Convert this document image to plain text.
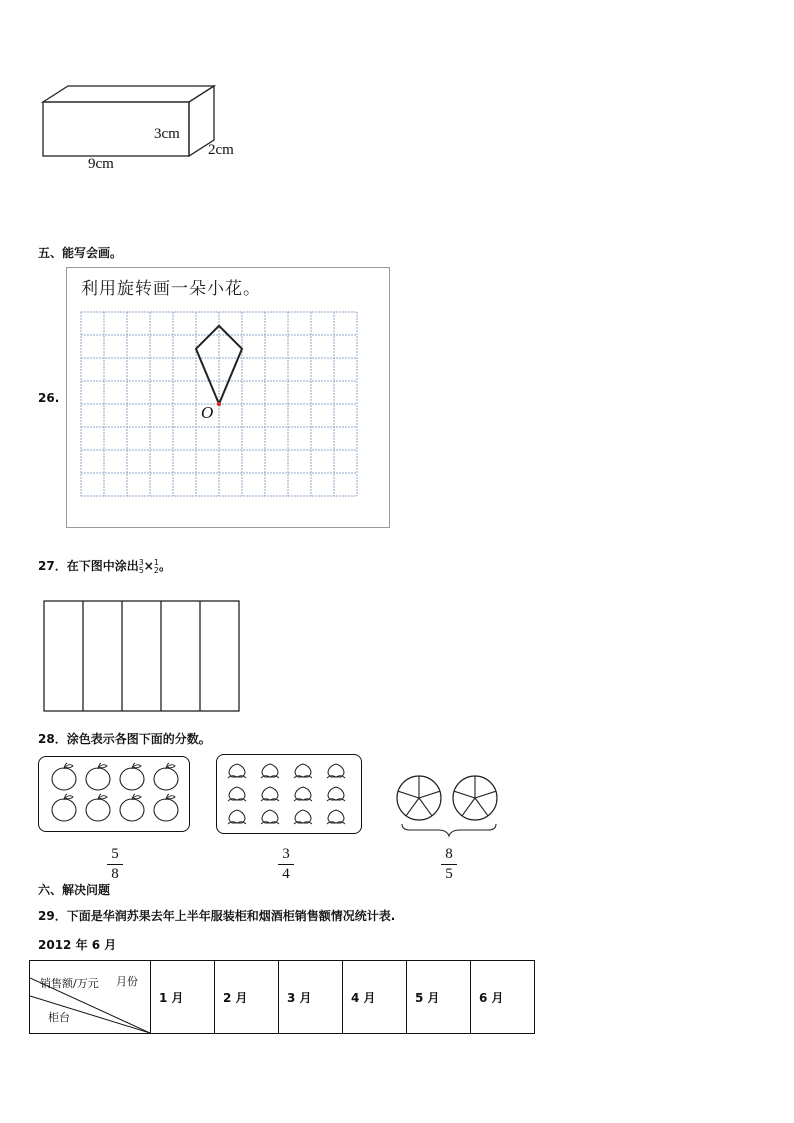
9cm
3cm
2cm
五、能写会画。
26.
利用旋转画一朵小花。
O
27．在下图中涂出3
5×1
2。
28．涂色表示各图下面的分数。
5
8
3
4
8
5
六、解决问题
29．下面是华润苏果去年上半年服装柜和烟酒柜销售额情况统计表.
2012 年 6 月
销售额/万元 月份
柜台
	1 月	2 月	3 月	4 月	5 月	6 月
